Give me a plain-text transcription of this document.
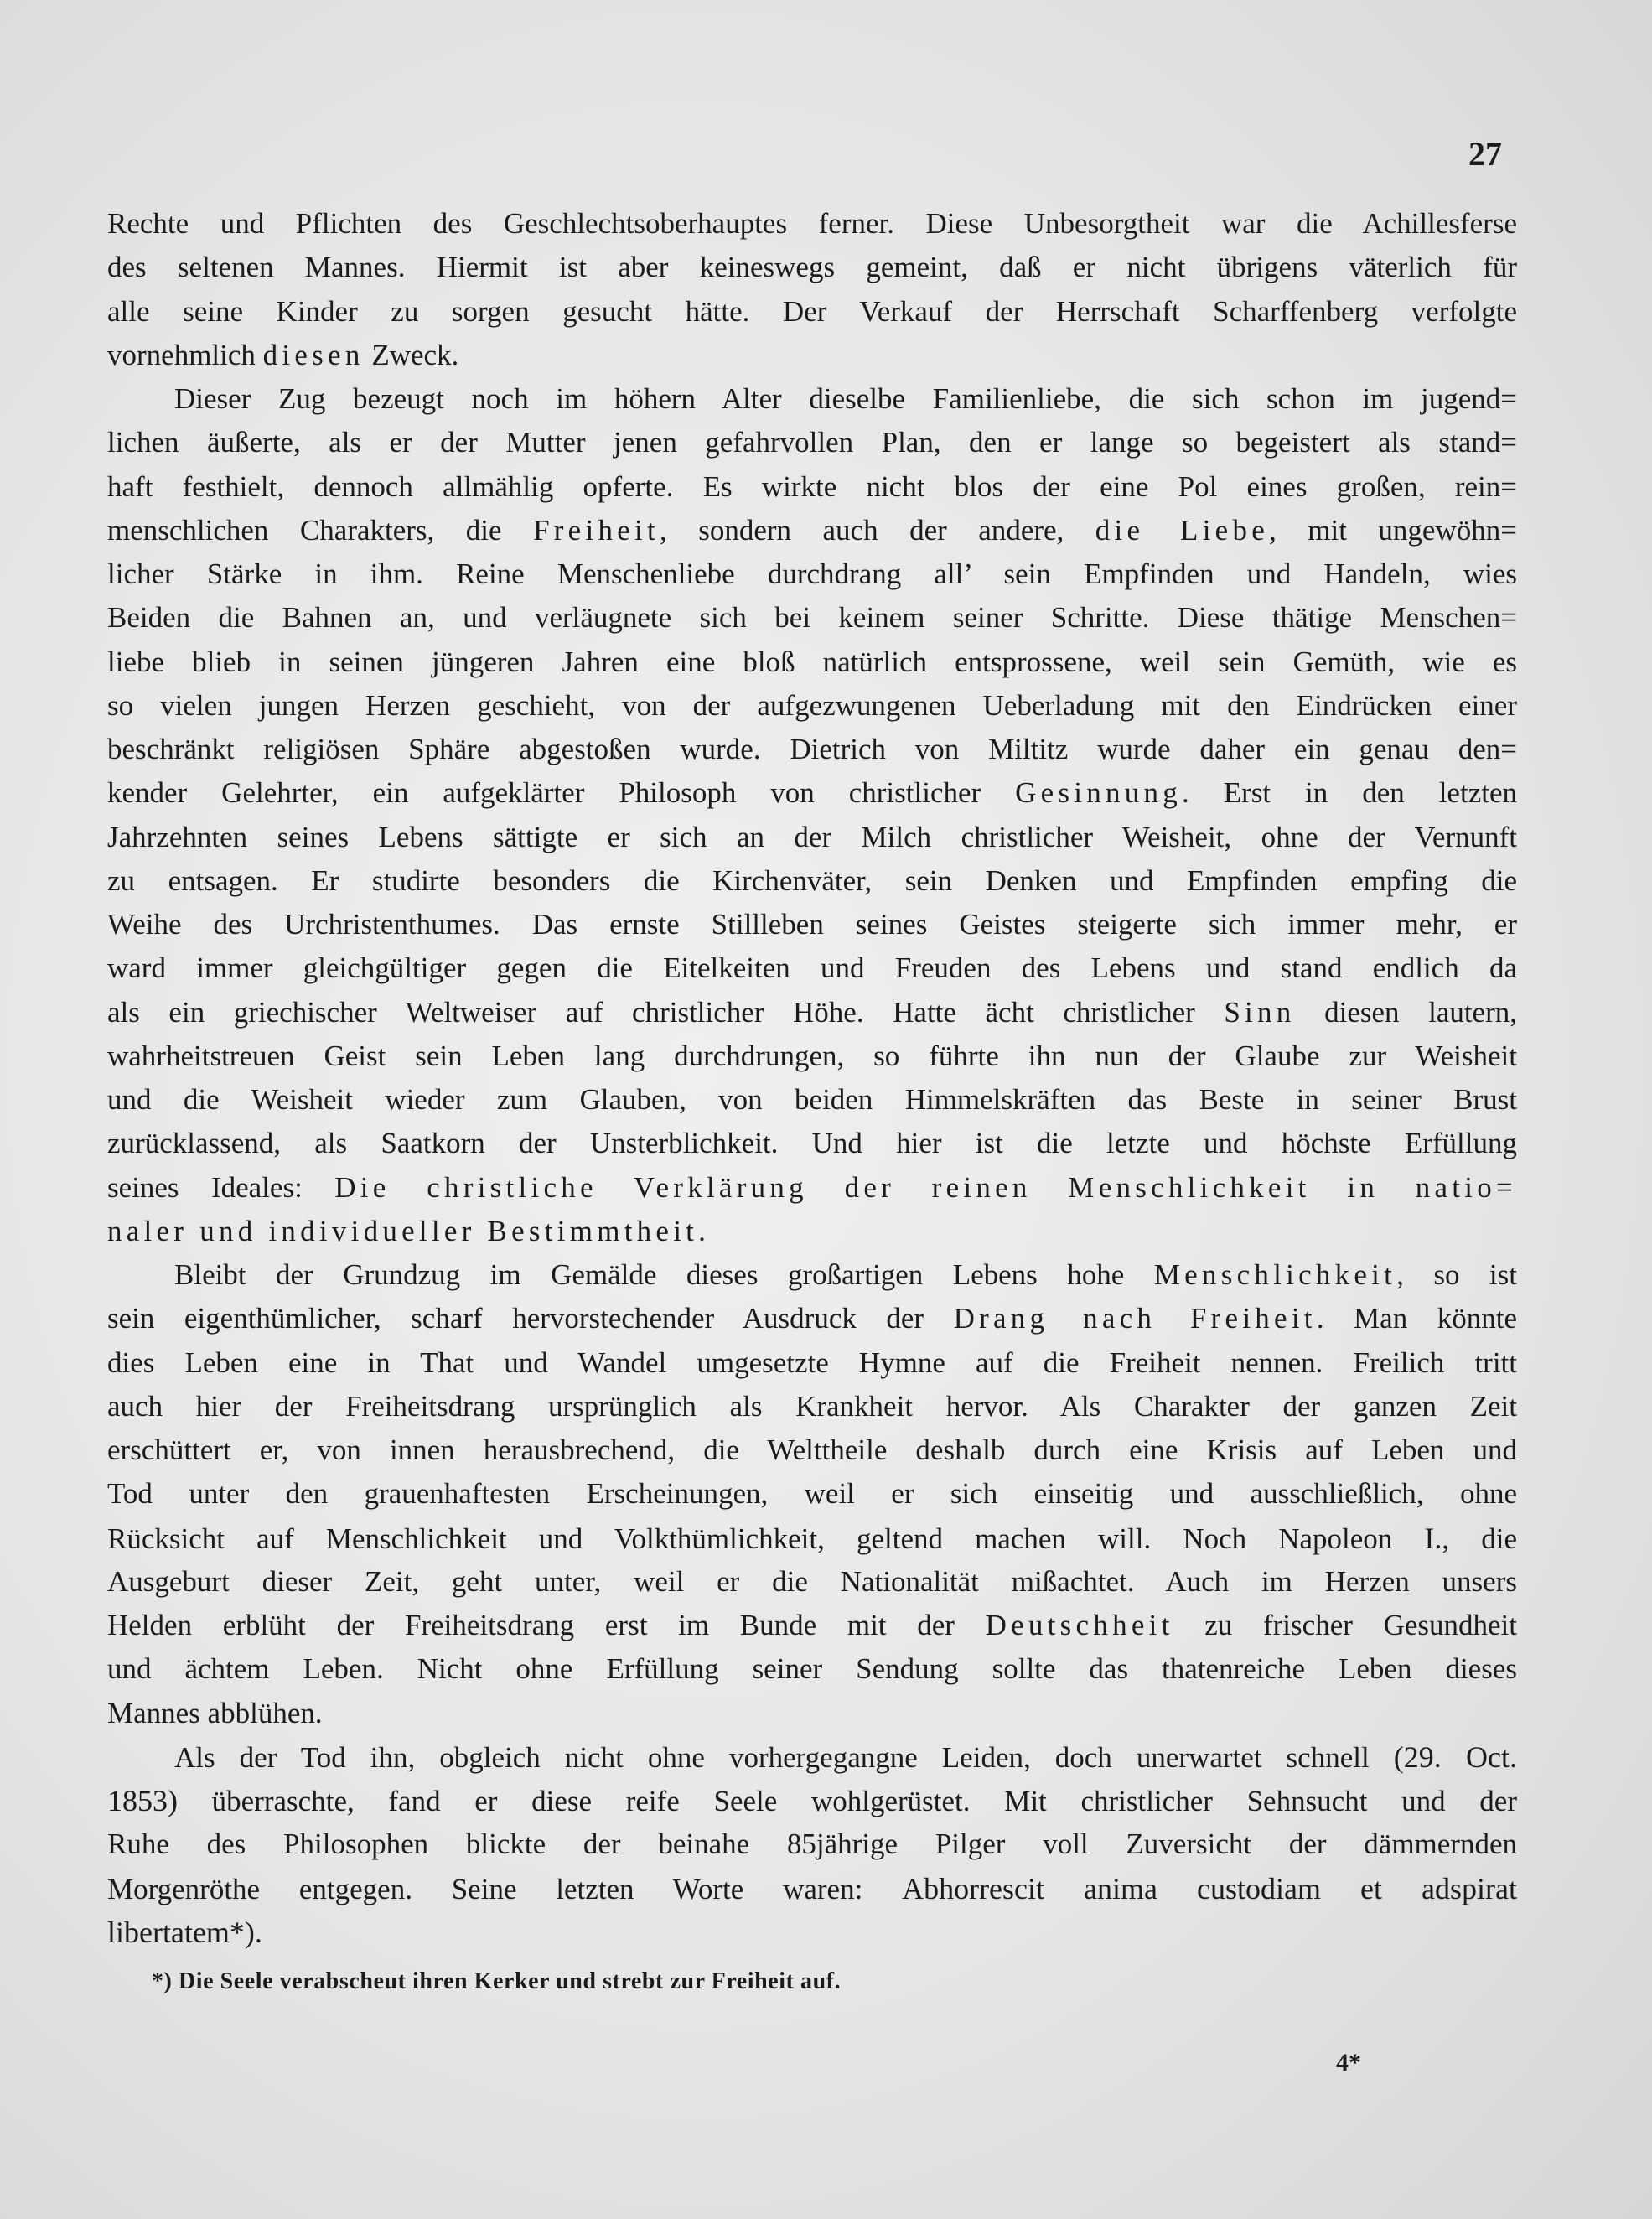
27
Rechte und Pflichten des Geschlechtsoberhauptes ferner. Diese Unbesorgtheit war die Achillesferse
des seltenen Mannes. Hiermit ist aber keineswegs gemeint, daß er nicht übrigens väterlich für
alle seine Kinder zu sorgen gesucht hätte. Der Verkauf der Herrschaft Scharffenberg verfolgte
vornehmlich diesen Zweck.
Dieser Zug bezeugt noch im höhern Alter dieselbe Familienliebe, die sich schon im jugend=
lichen äußerte, als er der Mutter jenen gefahrvollen Plan, den er lange so begeistert als stand=
haft festhielt, dennoch allmählig opferte. Es wirkte nicht blos der eine Pol eines großen, rein=
menschlichen Charakters, die Freiheit, sondern auch der andere, die Liebe, mit ungewöhn=
licher Stärke in ihm. Reine Menschenliebe durchdrang all’ sein Empfinden und Handeln, wies
Beiden die Bahnen an, und verläugnete sich bei keinem seiner Schritte. Diese thätige Menschen=
liebe blieb in seinen jüngeren Jahren eine bloß natürlich entsprossene, weil sein Gemüth, wie es
so vielen jungen Herzen geschieht, von der aufgezwungenen Ueberladung mit den Eindrücken einer
beschränkt religiösen Sphäre abgestoßen wurde. Dietrich von Miltitz wurde daher ein genau den=
kender Gelehrter, ein aufgeklärter Philosoph von christlicher Gesinnung. Erst in den letzten
Jahrzehnten seines Lebens sättigte er sich an der Milch christlicher Weisheit, ohne der Vernunft
zu entsagen. Er studirte besonders die Kirchenväter, sein Denken und Empfinden empfing die
Weihe des Urchristenthumes. Das ernste Stillleben seines Geistes steigerte sich immer mehr, er
ward immer gleichgültiger gegen die Eitelkeiten und Freuden des Lebens und stand endlich da
als ein griechischer Weltweiser auf christlicher Höhe. Hatte ächt christlicher Sinn diesen lautern,
wahrheitstreuen Geist sein Leben lang durchdrungen, so führte ihn nun der Glaube zur Weisheit
und die Weisheit wieder zum Glauben, von beiden Himmelskräften das Beste in seiner Brust
zurücklassend, als Saatkorn der Unsterblichkeit. Und hier ist die letzte und höchste Erfüllung
seines Ideales: Die christliche Verklärung der reinen Menschlichkeit in natio=
naler und individueller Bestimmtheit.
Bleibt der Grundzug im Gemälde dieses großartigen Lebens hohe Menschlichkeit, so ist
sein eigenthümlicher, scharf hervorstechender Ausdruck der Drang nach Freiheit. Man könnte
dies Leben eine in That und Wandel umgesetzte Hymne auf die Freiheit nennen. Freilich tritt
auch hier der Freiheitsdrang ursprünglich als Krankheit hervor. Als Charakter der ganzen Zeit
erschüttert er, von innen herausbrechend, die Welttheile deshalb durch eine Krisis auf Leben und
Tod unter den grauenhaftesten Erscheinungen, weil er sich einseitig und ausschließlich, ohne
Rücksicht auf Menschlichkeit und Volkthümlichkeit, geltend machen will. Noch Napoleon I., die
Ausgeburt dieser Zeit, geht unter, weil er die Nationalität mißachtet. Auch im Herzen unsers
Helden erblüht der Freiheitsdrang erst im Bunde mit der Deutschheit zu frischer Gesundheit
und ächtem Leben. Nicht ohne Erfüllung seiner Sendung sollte das thatenreiche Leben dieses
Mannes abblühen.
Als der Tod ihn, obgleich nicht ohne vorhergegangne Leiden, doch unerwartet schnell (29. Oct.
1853) überraschte, fand er diese reife Seele wohlgerüstet. Mit christlicher Sehnsucht und der
Ruhe des Philosophen blickte der beinahe 85jährige Pilger voll Zuversicht der dämmernden
Morgenröthe entgegen. Seine letzten Worte waren: Abhorrescit anima custodiam et adspirat
libertatem*).
*) Die Seele verabscheut ihren Kerker und strebt zur Freiheit auf.
4*
